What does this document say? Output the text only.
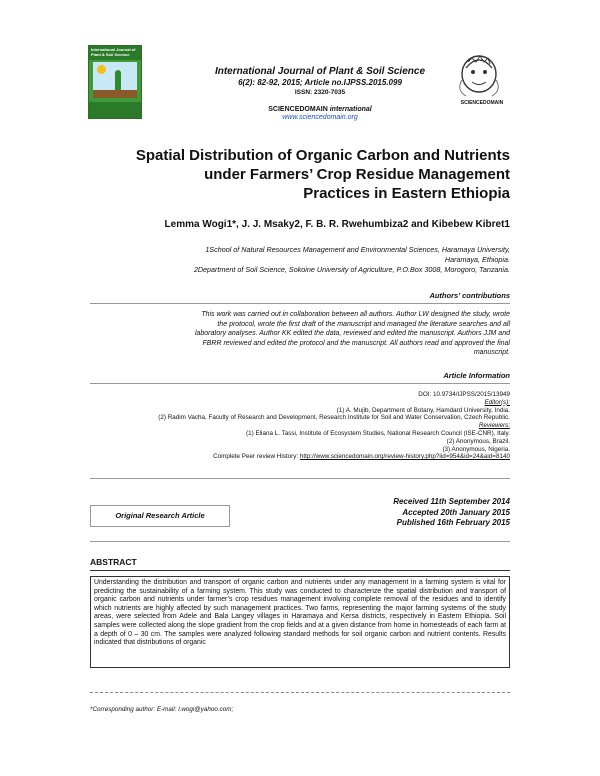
International Journal of
Plant & Soil Science
International Journal of Plant & Soil Science
6(2): 82-92, 2015; Article no.IJPSS.2015.099
ISSN: 2320-7035
SCIENCEDOMAIN international
www.sciencedomain.org
SCIENCEDOMAIN
Spatial Distribution of Organic Carbon and Nutrients
under Farmers’ Crop Residue Management
Practices in Eastern Ethiopia
Lemma Wogi1*, J. J. Msaky2, F. B. R. Rwehumbiza2 and Kibebew Kibret1
1School of Natural Resources Management and Environmental Sciences, Haramaya University,
Haramaya, Ethiopia.
2Department of Soil Science, Sokoine University of Agriculture, P.O.Box 3008, Morogoro, Tanzania.
Authors’ contributions
This work was carried out in collaboration between all authors. Author LW designed the study, wrote
the protocol, wrote the first draft of the manuscript and managed the literature searches and all
laboratory analyses. Author KK edited the data, reviewed and edited the manuscript. Authors JJM and
FBRR reviewed and edited the protocol and the manuscript. All authors read and approved the final
manuscript.
Article Information
DOI: 10.9734/IJPSS/2015/13949
Editor(s):
(1) A. Mujib, Department of Botany, Hamdard University, India.
(2) Radim Vacha, Faculty of Research and Development, Research Institute for Soil and Water Conservation, Czech Republic.
Reviewers:
(1) Eliana L. Tassi, Institute of Ecosystem Studies, National Research Council (ISE-CNR), Italy.
(2) Anonymous, Brazil.
(3) Anonymous, Nigeria.
Complete Peer review History: http://www.sciencedomain.org/review-history.php?iid=954&id=24&aid=8140
Original Research Article
Received 11th September 2014
Accepted 20th January 2015
Published 16th February 2015
ABSTRACT
Understanding the distribution and transport of organic carbon and nutrients under any management in a farming system is vital for predicting the sustainability of a farming system. This study was conducted to characterize the spatial distribution and transport of organic carbon and nutrients under farmer’s crop residues management involving complete removal of the residues and to identify which nutrients are highly affected by such management practices. Two farms, representing the major farming systems of the study areas, were selected from Adele and Bala Langey villages in Haramaya and Kersa districts, respectively in Eastern Ethiopia. Soil samples were collected along the slope gradient from the crop fields and at a given distance from home in homesteads of each farm at a depth of 0 – 30 cm. The samples were analyzed following standard methods for soil organic carbon and nutrient contents. Results indicated that distributions of organic
*Corresponding author: E-mail: l.wogi@yahoo.com;
